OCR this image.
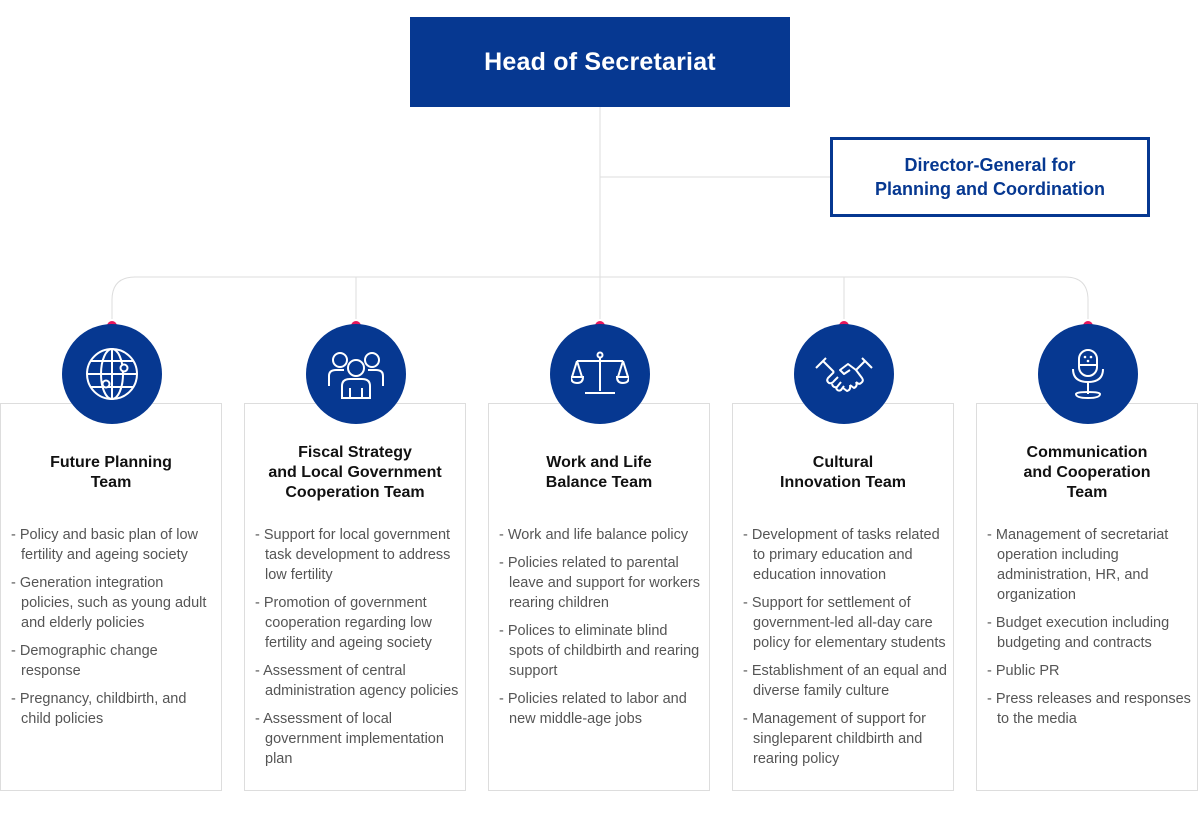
Head of Secretariat
Director-General for
Planning and Coordination
Future Planning
Team
- Policy and basic plan of low fertility and ageing society
- Generation integration policies, such as young adult and elderly policies
- Demographic change response
- Pregnancy, childbirth, and child policies
Fiscal Strategy
and Local Government
Cooperation Team
- Support for local government task development to address low fertility
- Promotion of government cooperation regarding low fertility and ageing society
- Assessment of central administration agency policies
- Assessment of local government implementation plan
Work and Life
Balance Team
- Work and life balance policy
- Policies related to parental leave and support for workers rearing children
- Polices to eliminate blind spots of childbirth and rearing support
- Policies related to labor and new middle-age jobs
Cultural
Innovation Team
- Development of tasks related to primary education and education innovation
- Support for settlement of government-led all-day care policy for elementary students
- Establishment of an equal and diverse family culture
- Management of support for singleparent childbirth and rearing policy
Communication
and Cooperation
Team
- Management of secretariat operation including administration, HR, and organization
- Budget execution including budgeting and contracts
- Public PR
- Press releases and responses to the media
